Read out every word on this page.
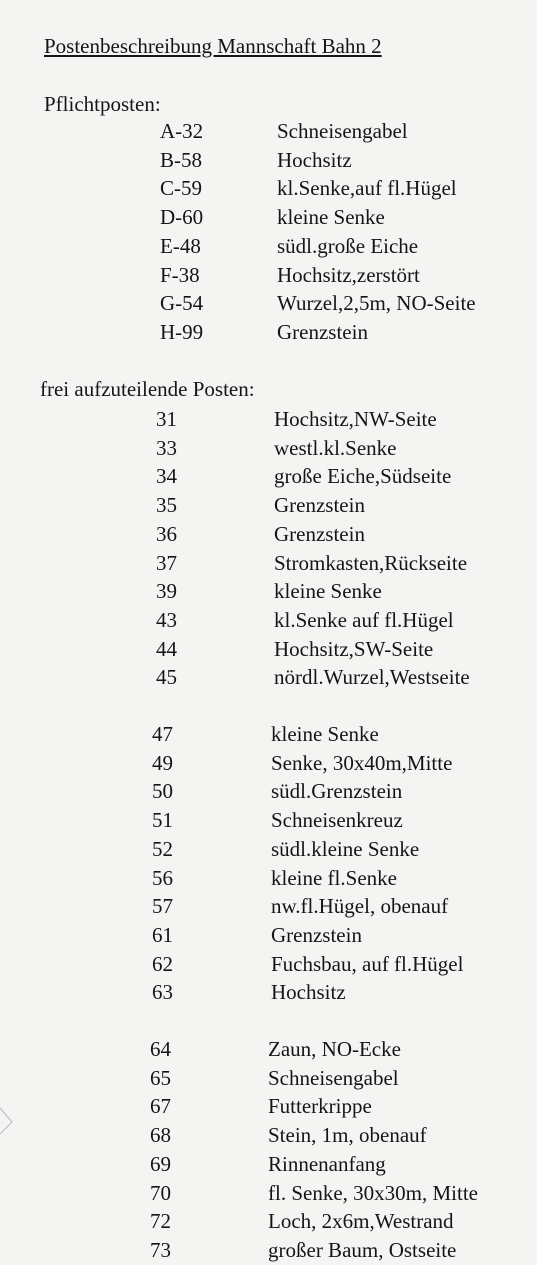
Postenbeschreibung Mannschaft Bahn 2
Pflichtposten:
A-32	Schneisengabel
B-58	Hochsitz
C-59	kl.Senke,auf fl.Hügel
D-60	kleine Senke
E-48	südl.große Eiche
F-38	Hochsitz,zerstört
G-54	Wurzel,2,5m, NO-Seite
H-99	Grenzstein
frei aufzuteilende Posten:
31	Hochsitz,NW-Seite
33	westl.kl.Senke
34	große Eiche,Südseite
35	Grenzstein
36	Grenzstein
37	Stromkasten,Rückseite
39	kleine Senke
43	kl.Senke auf fl.Hügel
44	Hochsitz,SW-Seite
45	nördl.Wurzel,Westseite
47	kleine Senke
49	Senke, 30x40m,Mitte
50	südl.Grenzstein
51	Schneisenkreuz
52	südl.kleine Senke
56	kleine fl.Senke
57	nw.fl.Hügel, obenauf
61	Grenzstein
62	Fuchsbau, auf fl.Hügel
63	Hochsitz
64	Zaun, NO-Ecke
65	Schneisengabel
67	Futterkrippe
68	Stein, 1m, obenauf
69	Rinnenanfang
70	fl. Senke, 30x30m, Mitte
72	Loch, 2x6m,Westrand
73	großer Baum, Ostseite
